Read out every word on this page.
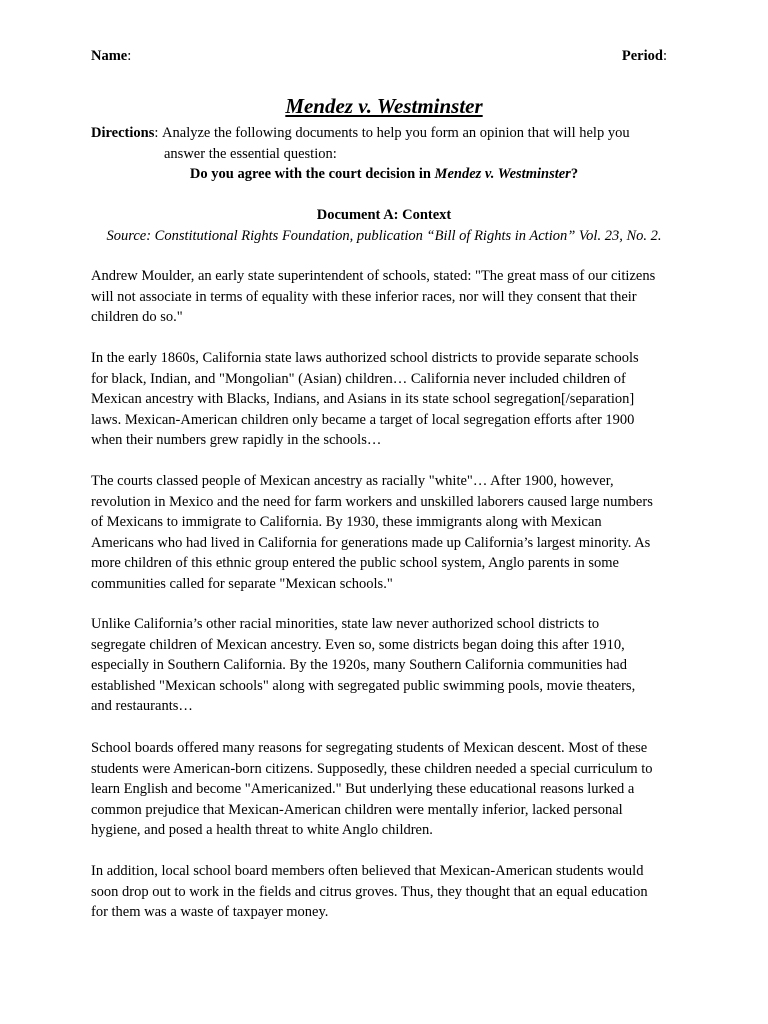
Name:	Period:
Mendez v. Westminster
Directions : Analyze the following documents to help you form an opinion that will help you
answer the essential question:
Do you agree with the court decision in Mendez v. Westminster?
Document A: Context
Source: Constitutional Rights Foundation, publication “Bill of Rights in Action” Vol. 23, No. 2.
Andrew Moulder, an early state superintendent of schools, stated: "The great mass of our citizens
will not associate in terms of equality with these inferior races, nor will they consent that their
children do so."
In the early 1860s, California state laws authorized school districts to provide separate schools
for black, Indian, and "Mongolian" (Asian) children… California never included children of
Mexican ancestry with Blacks, Indians, and Asians in its state school segregation[/separation]
laws. Mexican-American children only became a target of local segregation efforts after 1900
when their numbers grew rapidly in the schools…
The courts classed people of Mexican ancestry as racially "white"… After 1900, however,
revolution in Mexico and the need for farm workers and unskilled laborers caused large numbers
of Mexicans to immigrate to California. By 1930, these immigrants along with Mexican
Americans who had lived in California for generations made up California’s largest minority. As
more children of this ethnic group entered the public school system, Anglo parents in some
communities called for separate "Mexican schools."
Unlike California’s other racial minorities, state law never authorized school districts to
segregate children of Mexican ancestry. Even so, some districts began doing this after 1910,
especially in Southern California. By the 1920s, many Southern California communities had
established "Mexican schools" along with segregated public swimming pools, movie theaters,
and restaurants…
School boards offered many reasons for segregating students of Mexican descent. Most of these
students were American-born citizens. Supposedly, these children needed a special curriculum to
learn English and become "Americanized." But underlying these educational reasons lurked a
common prejudice that Mexican-American children were mentally inferior, lacked personal
hygiene, and posed a health threat to white Anglo children.
In addition, local school board members often believed that Mexican-American students would
soon drop out to work in the fields and citrus groves. Thus, they thought that an equal education
for them was a waste of taxpayer money.
